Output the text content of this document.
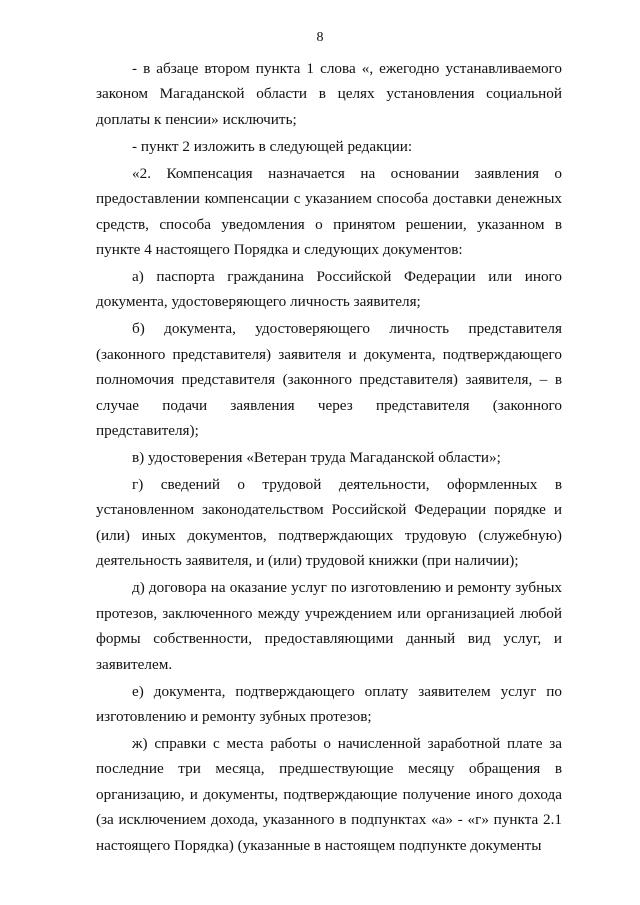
8

- в абзаце втором пункта 1 слова «, ежегодно устанавливаемого законом Магаданской области в целях установления социальной доплаты к пенсии» исключить;

- пункт 2 изложить в следующей редакции:

«2. Компенсация назначается на основании заявления о предоставлении компенсации с указанием способа доставки денежных средств, способа уведомления о принятом решении, указанном в пункте 4 настоящего Порядка и следующих документов:

а) паспорта гражданина Российской Федерации или иного документа, удостоверяющего личность заявителя;

б) документа, удостоверяющего личность представителя (законного представителя) заявителя и документа, подтверждающего полномочия представителя (законного представителя) заявителя, – в случае подачи заявления через представителя (законного представителя);

в) удостоверения «Ветеран труда Магаданской области»;

г) сведений о трудовой деятельности, оформленных в установленном законодательством Российской Федерации порядке и (или) иных документов, подтверждающих трудовую (служебную) деятельность заявителя, и (или) трудовой книжки (при наличии);

д) договора на оказание услуг по изготовлению и ремонту зубных протезов, заключенного между учреждением или организацией любой формы собственности, предоставляющими данный вид услуг, и заявителем.

е) документа, подтверждающего оплату заявителем услуг по изготовлению и ремонту зубных протезов;

ж) справки с места работы о начисленной заработной плате за последние три месяца, предшествующие месяцу обращения в организацию, и документы, подтверждающие получение иного дохода (за исключением дохода, указанного в подпунктах «а» - «г» пункта 2.1 настоящего Порядка) (указанные в настоящем подпункте документы
